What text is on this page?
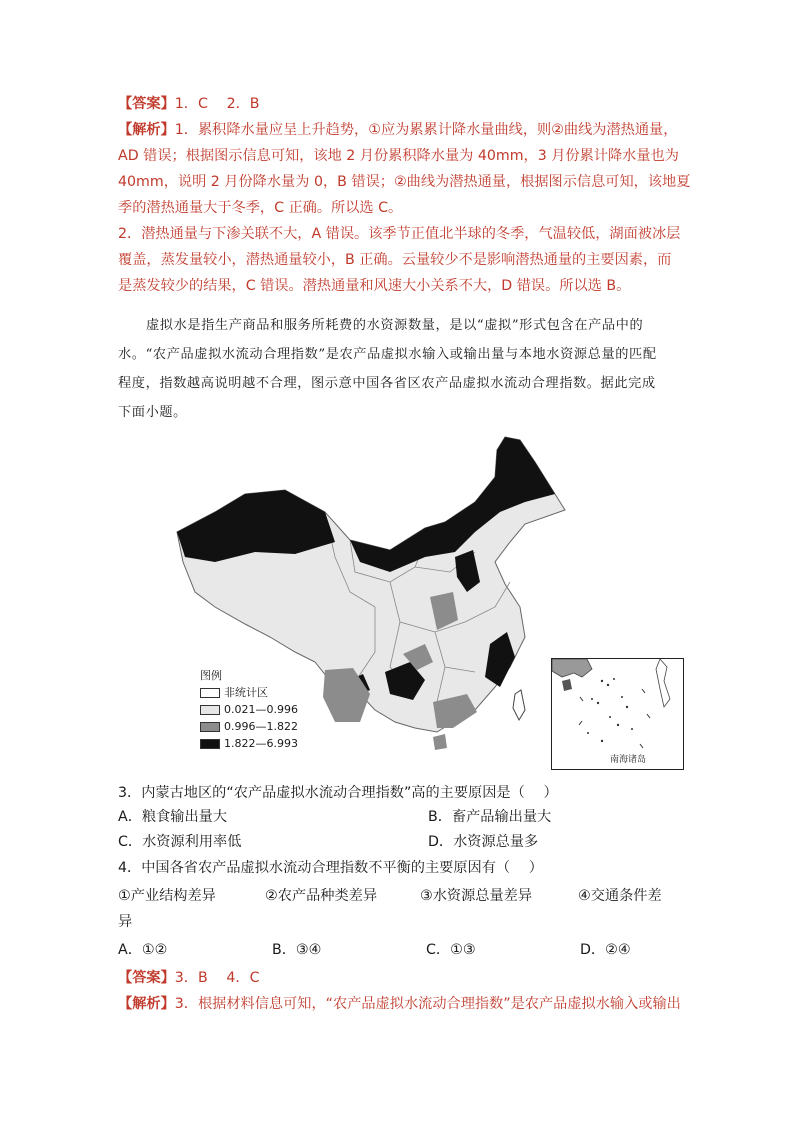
【答案】1．C　 2．B
【解析】1．累积降水量应呈上升趋势，①应为累累计降水量曲线，则②曲线为潜热通量，
AD 错误；根据图示信息可知，该地 2 月份累积降水量为 40mm，3 月份累计降水量也为
40mm，说明 2 月份降水量为 0，B 错误；②曲线为潜热通量，根据图示信息可知，该地夏
季的潜热通量大于冬季，C 正确。所以选 C。
2．潜热通量与下渗关联不大，A 错误。该季节正值北半球的冬季，气温较低，湖面被冰层
覆盖，蒸发量较小，潜热通量较小，B 正确。云量较少不是影响潜热通量的主要因素，而
是蒸发较少的结果，C 错误。潜热通量和风速大小关系不大，D 错误。所以选 B。
虚拟水是指生产商品和服务所耗费的水资源数量，是以“虚拟”形式包含在产品中的
水。“农产品虚拟水流动合理指数”是农产品虚拟水输入或输出量与本地水资源总量的匹配
程度，指数越高说明越不合理，图示意中国各省区农产品虚拟水流动合理指数。据此完成
下面小题。
图例
非统计区
0.021—0.996
0.996—1.822
1.822—6.993
南海诸岛
3．内蒙古地区的“农产品虚拟水流动合理指数”高的主要原因是（　 ）
A．粮食输出量大	B．畜产品输出量大
C．水资源利用率低	D．水资源总量多
4．中国各省农产品虚拟水流动合理指数不平衡的主要原因有（　 ）
①产业结构差异	②农产品种类差异	③水资源总量差异	④交通条件差
异
A．①②	B．③④	C．①③	D．②④
【答案】3．B　 4．C
【解析】3．根据材料信息可知，“农产品虚拟水流动合理指数”是农产品虚拟水输入或输出
